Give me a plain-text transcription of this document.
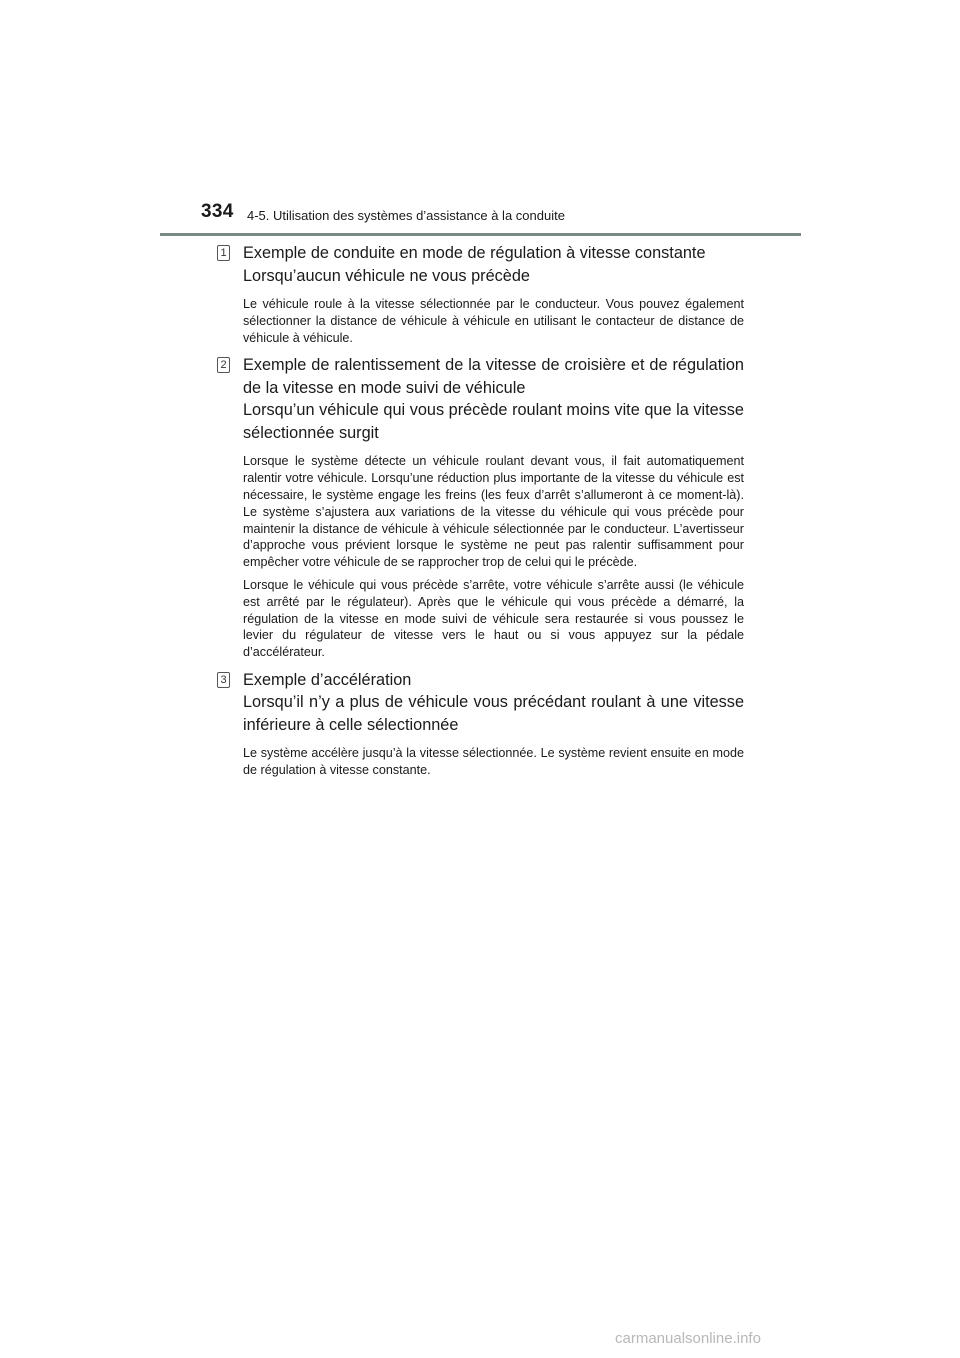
334 4-5. Utilisation des systèmes d’assistance à la conduite
1 Exemple de conduite en mode de régulation à vitesse constante

Lorsqu’aucun véhicule ne vous précède

Le véhicule roule à la vitesse sélectionnée par le conducteur. Vous pouvez également sélectionner la distance de véhicule à véhicule en utilisant le contacteur de distance de véhicule à véhicule.

2 Exemple de ralentissement de la vitesse de croisière et de régulation de la vitesse en mode suivi de véhicule

Lorsqu’un véhicule qui vous précède roulant moins vite que la vitesse sélectionnée surgit

Lorsque le système détecte un véhicule roulant devant vous, il fait automatiquement ralentir votre véhicule. Lorsqu’une réduction plus importante de la vitesse du véhicule est nécessaire, le système engage les freins (les feux d’arrêt s’allumeront à ce moment-là). Le système s’ajustera aux variations de la vitesse du véhicule qui vous précède pour maintenir la distance de véhicule à véhicule sélectionnée par le conducteur. L’avertisseur d’approche vous prévient lorsque le système ne peut pas ralentir suffisamment pour empêcher votre véhicule de se rapprocher trop de celui qui le précède.

Lorsque le véhicule qui vous précède s’arrête, votre véhicule s’arrête aussi (le véhicule est arrêté par le régulateur). Après que le véhicule qui vous précède a démarré, la régulation de la vitesse en mode suivi de véhicule sera restaurée si vous poussez le levier du régulateur de vitesse vers le haut ou si vous appuyez sur la pédale d’accélérateur.

3 Exemple d’accélération

Lorsqu’il n’y a plus de véhicule vous précédant roulant à une vitesse inférieure à celle sélectionnée

Le système accélère jusqu’à la vitesse sélectionnée. Le système revient ensuite en mode de régulation à vitesse constante.

carmanualsonline.info
